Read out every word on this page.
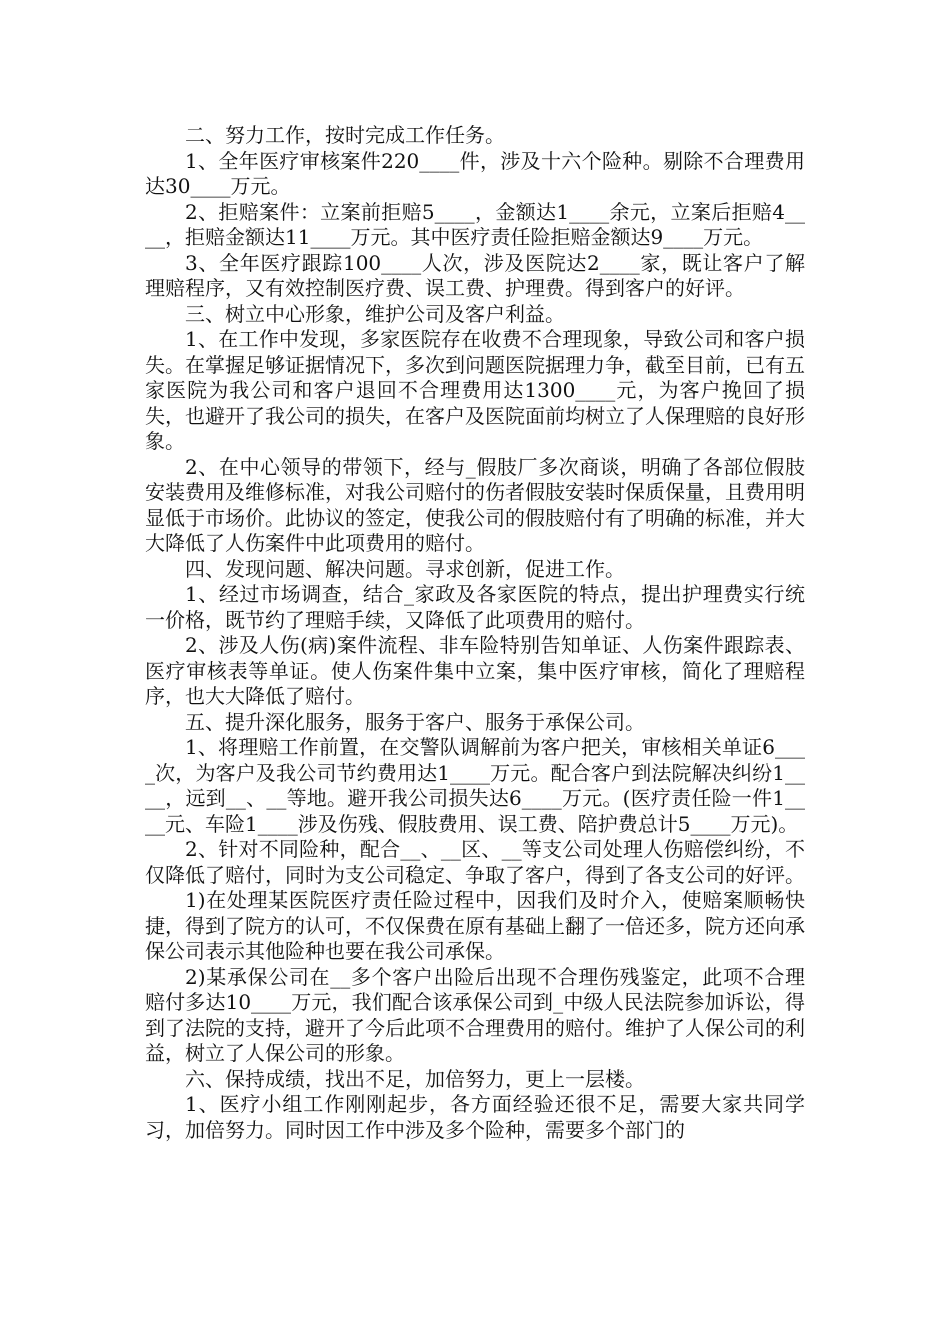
二、努力工作，按时完成工作任务。

1、全年医疗审核案件220____件，涉及十六个险种。剔除不合理费用达30____万元。

2、拒赔案件：立案前拒赔5____，金额达1____余元，立案后拒赔4____，拒赔金额达11____万元。其中医疗责任险拒赔金额达9____万元。

3、全年医疗跟踪100____人次，涉及医院达2____家，既让客户了解理赔程序，又有效控制医疗费、误工费、护理费。得到客户的好评。

三、树立中心形象，维护公司及客户利益。

1、在工作中发现，多家医院存在收费不合理现象，导致公司和客户损失。在掌握足够证据情况下，多次到问题医院据理力争，截至目前，已有五家医院为我公司和客户退回不合理费用达1300____元，为客户挽回了损失，也避开了我公司的损失，在客户及医院面前均树立了人保理赔的良好形象。

2、在中心领导的带领下，经与_假肢厂多次商谈，明确了各部位假肢安装费用及维修标准，对我公司赔付的伤者假肢安装时保质保量，且费用明显低于市场价。此协议的签定，使我公司的假肢赔付有了明确的标准，并大大降低了人伤案件中此项费用的赔付。

四、发现问题、解决问题。寻求创新，促进工作。

1、经过市场调查，结合_家政及各家医院的特点，提出护理费实行统一价格，既节约了理赔手续，又降低了此项费用的赔付。

2、涉及人伤(病)案件流程、非车险特别告知单证、人伤案件跟踪表、医疗审核表等单证。使人伤案件集中立案，集中医疗审核，简化了理赔程序，也大大降低了赔付。

五、提升深化服务，服务于客户、服务于承保公司。

1、将理赔工作前置，在交警队调解前为客户把关，审核相关单证6____次，为客户及我公司节约费用达1____万元。配合客户到法院解决纠纷1____，远到__、__等地。避开我公司损失达6____万元。(医疗责任险一件1____元、车险1____涉及伤残、假肢费用、误工费、陪护费总计5____万元)。

2、针对不同险种，配合__、__区、__等支公司处理人伤赔偿纠纷，不仅降低了赔付，同时为支公司稳定、争取了客户，得到了各支公司的好评。

1)在处理某医院医疗责任险过程中，因我们及时介入，使赔案顺畅快捷，得到了院方的认可，不仅保费在原有基础上翻了一倍还多，院方还向承保公司表示其他险种也要在我公司承保。

2)某承保公司在__多个客户出险后出现不合理伤残鉴定，此项不合理赔付多达10____万元，我们配合该承保公司到_中级人民法院参加诉讼，得到了法院的支持，避开了今后此项不合理费用的赔付。维护了人保公司的利益，树立了人保公司的形象。

六、保持成绩，找出不足，加倍努力，更上一层楼。

1、医疗小组工作刚刚起步，各方面经验还很不足，需要大家共同学习，加倍努力。同时因工作中涉及多个险种，需要多个部门的
